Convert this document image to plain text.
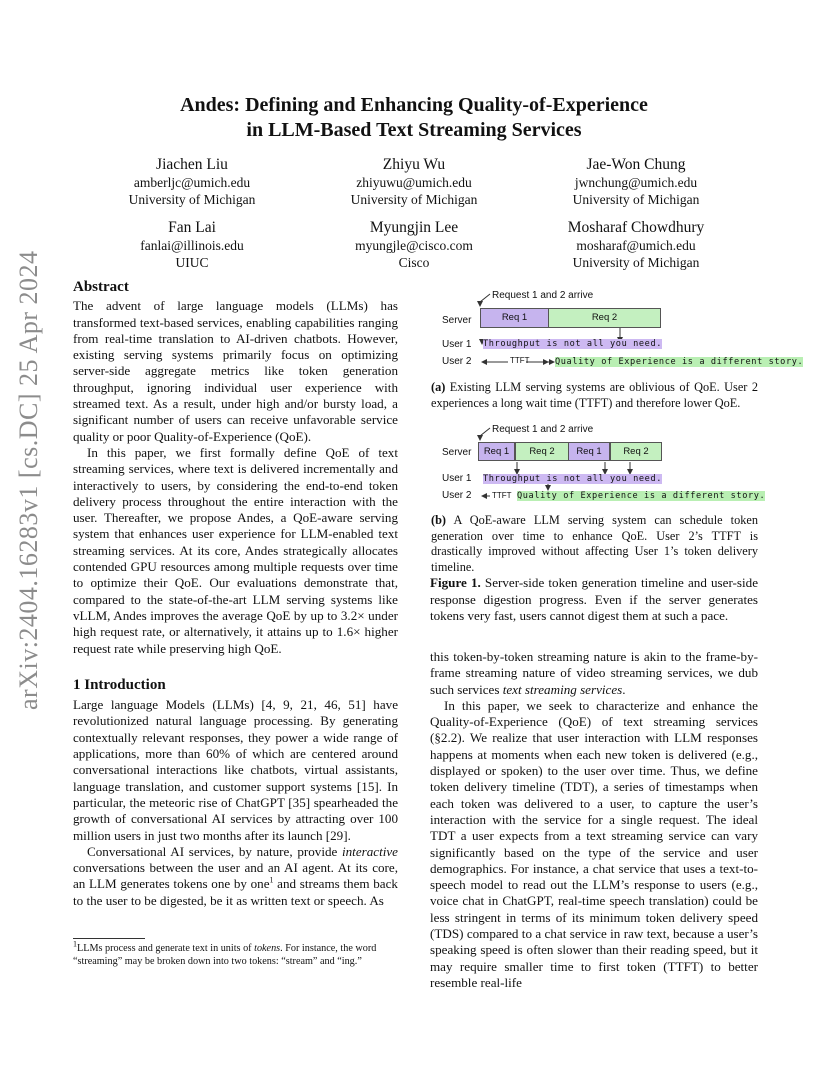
arXiv:2404.16283v1 [cs.DC] 25 Apr 2024
Andes: Defining and Enhancing Quality-of-Experience
in LLM-Based Text Streaming Services
Jiachen Liu
amberljc@umich.edu
University of Michigan
Zhiyu Wu
zhiyuwu@umich.edu
University of Michigan
Jae-Won Chung
jwnchung@umich.edu
University of Michigan
Fan Lai
fanlai@illinois.edu
UIUC
Myungjin Lee
myungjle@cisco.com
Cisco
Mosharaf Chowdhury
mosharaf@umich.edu
University of Michigan
Abstract

The advent of large language models (LLMs) has transformed text-based services, enabling capabilities ranging from real-time translation to AI-driven chatbots. However, existing serving systems primarily focus on optimizing server-side aggregate metrics like token generation throughput, ignoring individual user experience with streamed text. As a result, under high and/or bursty load, a significant number of users can receive unfavorable service quality or poor Quality-of-Experience (QoE).

In this paper, we first formally define QoE of text streaming services, where text is delivered incrementally and interactively to users, by considering the end-to-end token delivery process throughout the entire interaction with the user. Thereafter, we propose Andes, a QoE-aware serving system that enhances user experience for LLM-enabled text streaming services. At its core, Andes strategically allocates contended GPU resources among multiple requests over time to optimize their QoE. Our evaluations demonstrate that, compared to the state-of-the-art LLM serving systems like vLLM, Andes improves the average QoE by up to 3.2× under high request rate, or alternatively, it attains up to 1.6× higher request rate while preserving high QoE.

1 Introduction

Large language Models (LLMs) [4, 9, 21, 46, 51] have revolutionized natural language processing. By generating contextually relevant responses, they power a wide range of applications, more than 60% of which are centered around conversational interactions like chatbots, virtual assistants, language translation, and customer support systems [15]. In particular, the meteoric rise of ChatGPT [35] spearheaded the growth of conversational AI services by attracting over 100 million users in just two months after its launch [29].

Conversational AI services, by nature, provide interactive conversations between the user and an AI agent. At its core, an LLM generates tokens one by one$^1$ and streams them back to the user to be digested, be it as written text or speech. As

$^1$LLMs process and generate text in units of tokens. For instance, the word “streaming” may be broken down into two tokens: “stream” and “ing.”
Request 1 and 2 arrive
Server	Req 1	Req 2
User 1 Throughput is not all you need.
User 2	TTFT	Quality of Experience is a different story.
(a) Existing LLM serving systems are oblivious of QoE. User 2 experiences a long wait time (TTFT) and therefore lower QoE.
Request 1 and 2 arrive
Server	Req 1	Req 2	Req 1	Req 2
User 1 Throughput is not all you need.
User 2	TTFT Quality of Experience is a different story.
(b) A QoE-aware LLM serving system can schedule token generation over time to enhance QoE. User 2’s TTFT is drastically improved without affecting User 1’s token delivery timeline.
Figure 1. Server-side token generation timeline and user-side response digestion progress. Even if the server generates tokens very fast, users cannot digest them at such a pace.

this token-by-token streaming nature is akin to the frame-by-frame streaming nature of video streaming services, we dub such services text streaming services.

In this paper, we seek to characterize and enhance the Quality-of-Experience (QoE) of text streaming services (§2.2). We realize that user interaction with LLM responses happens at moments when each new token is delivered (e.g., displayed or spoken) to the user over time. Thus, we define token delivery timeline (TDT), a series of timestamps when each token was delivered to a user, to capture the user’s interaction with the service for a single request. The ideal TDT a user expects from a text streaming service can vary significantly based on the type of the service and user demographics. For instance, a chat service that uses a text-to-speech model to read out the LLM’s response to users (e.g., voice chat in ChatGPT, real-time speech translation) could be less stringent in terms of its minimum token delivery speed (TDS) compared to a chat service in raw text, because a user’s speaking speed is often slower than their reading speed, but it may require smaller time to first token (TTFT) to better resemble real-life
